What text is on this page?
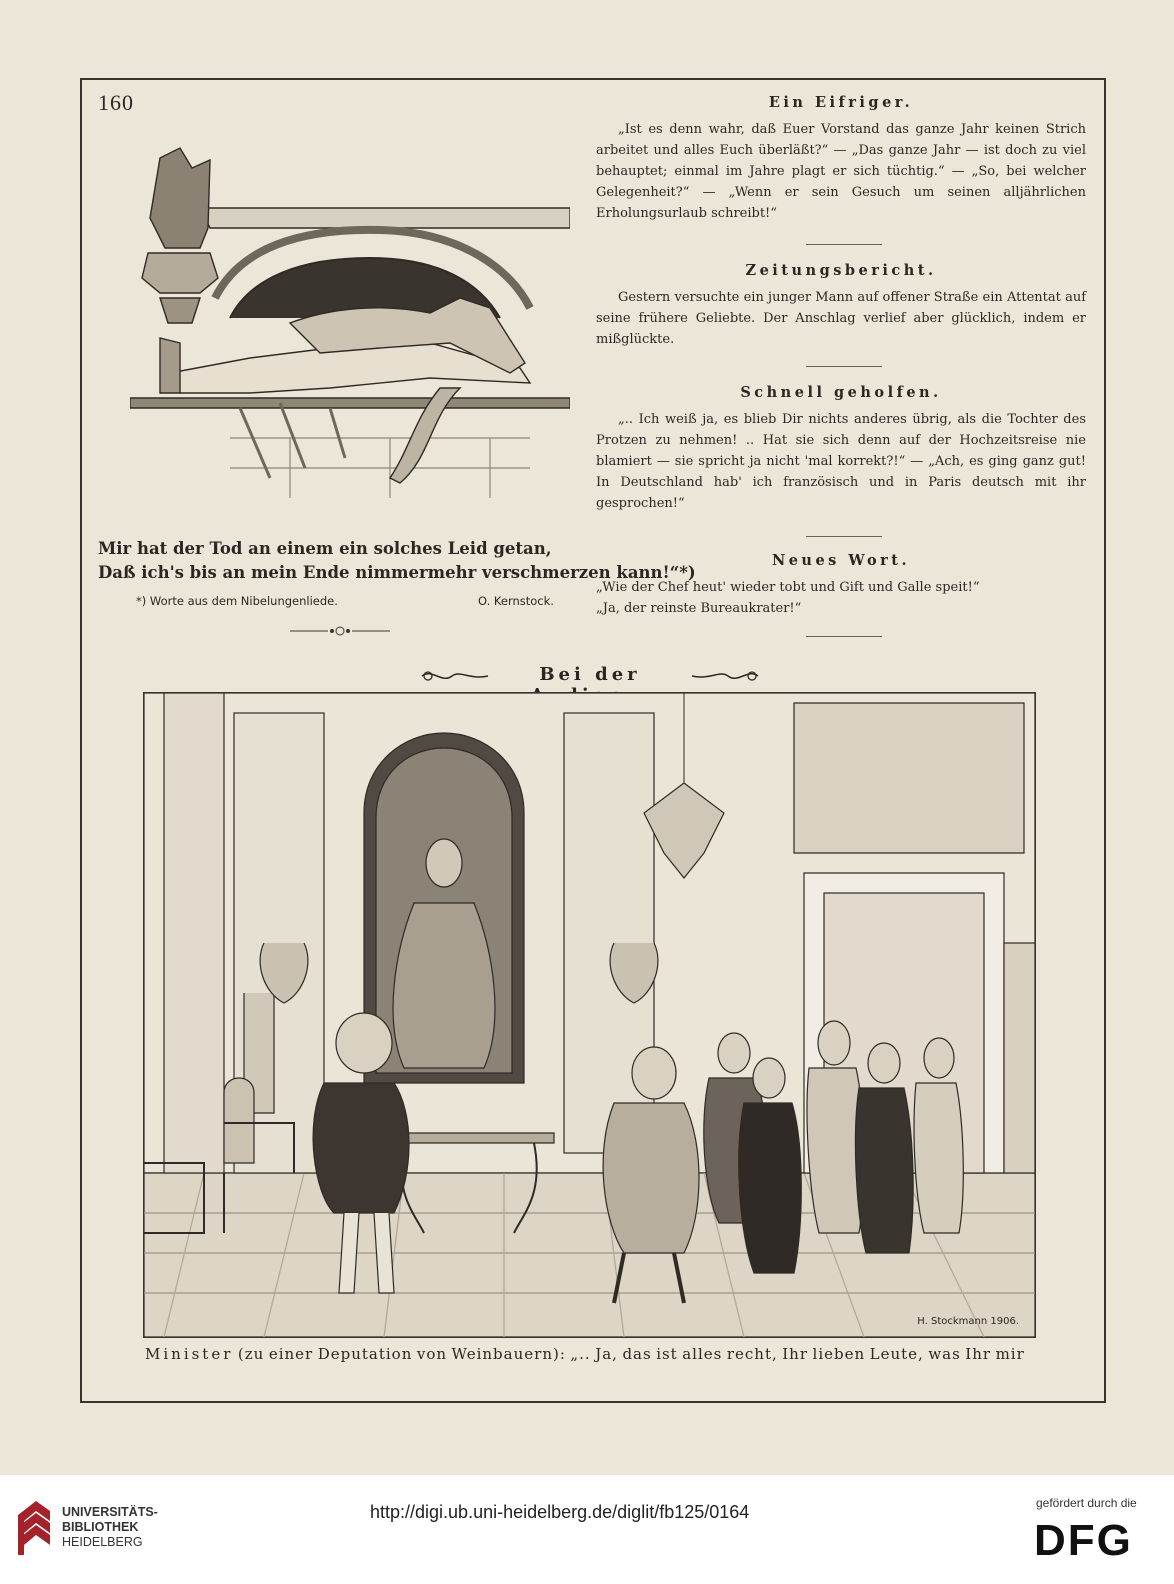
160
Mir hat der Tod an einem ein solches Leid getan,
Daß ich's bis an mein Ende nimmermehr verschmerzen kann!“*)
*) Worte aus dem Nibelungenliede.	O. Kernstock.
Ein Eifriger.

„Ist es denn wahr, daß Euer Vorstand das ganze Jahr keinen Strich arbeitet und alles Euch überläßt?“ — „Das ganze Jahr — ist doch zu viel behauptet; einmal im Jahre plagt er sich tüchtig.“ — „So, bei welcher Gelegenheit?“ — „Wenn er sein Gesuch um seinen alljährlichen Erholungsurlaub schreibt!“

Zeitungsbericht.

Gestern versuchte ein junger Mann auf offener Straße ein Attentat auf seine frühere Geliebte. Der Anschlag verlief aber glücklich, indem er mißglückte.

Schnell geholfen.

„.. Ich weiß ja, es blieb Dir nichts anderes übrig, als die Tochter des Protzen zu nehmen! .. Hat sie sich denn auf der Hochzeitsreise nie blamiert — sie spricht ja nicht 'mal korrekt?!“ — „Ach, es ging ganz gut! In Deutschland hab' ich französisch und in Paris deutsch mit ihr gesprochen!“

Neues Wort.

„Wie der Chef heut' wieder tobt und Gift und Galle speit!“

„Ja, der reinste Bureaukrater!“

Bei der
H. Stockmann 1906.
Minister (zu einer Deputation von Weinbauern): „.. Ja, das ist alles recht, Ihr lieben Leute, was Ihr mir
UNIVERSITÄTS-
BIBLIOTHEK
HEIDELBERG
http://digi.ub.uni-heidelberg.de/diglit/fb125/0164	gefördert durch die
DFG
